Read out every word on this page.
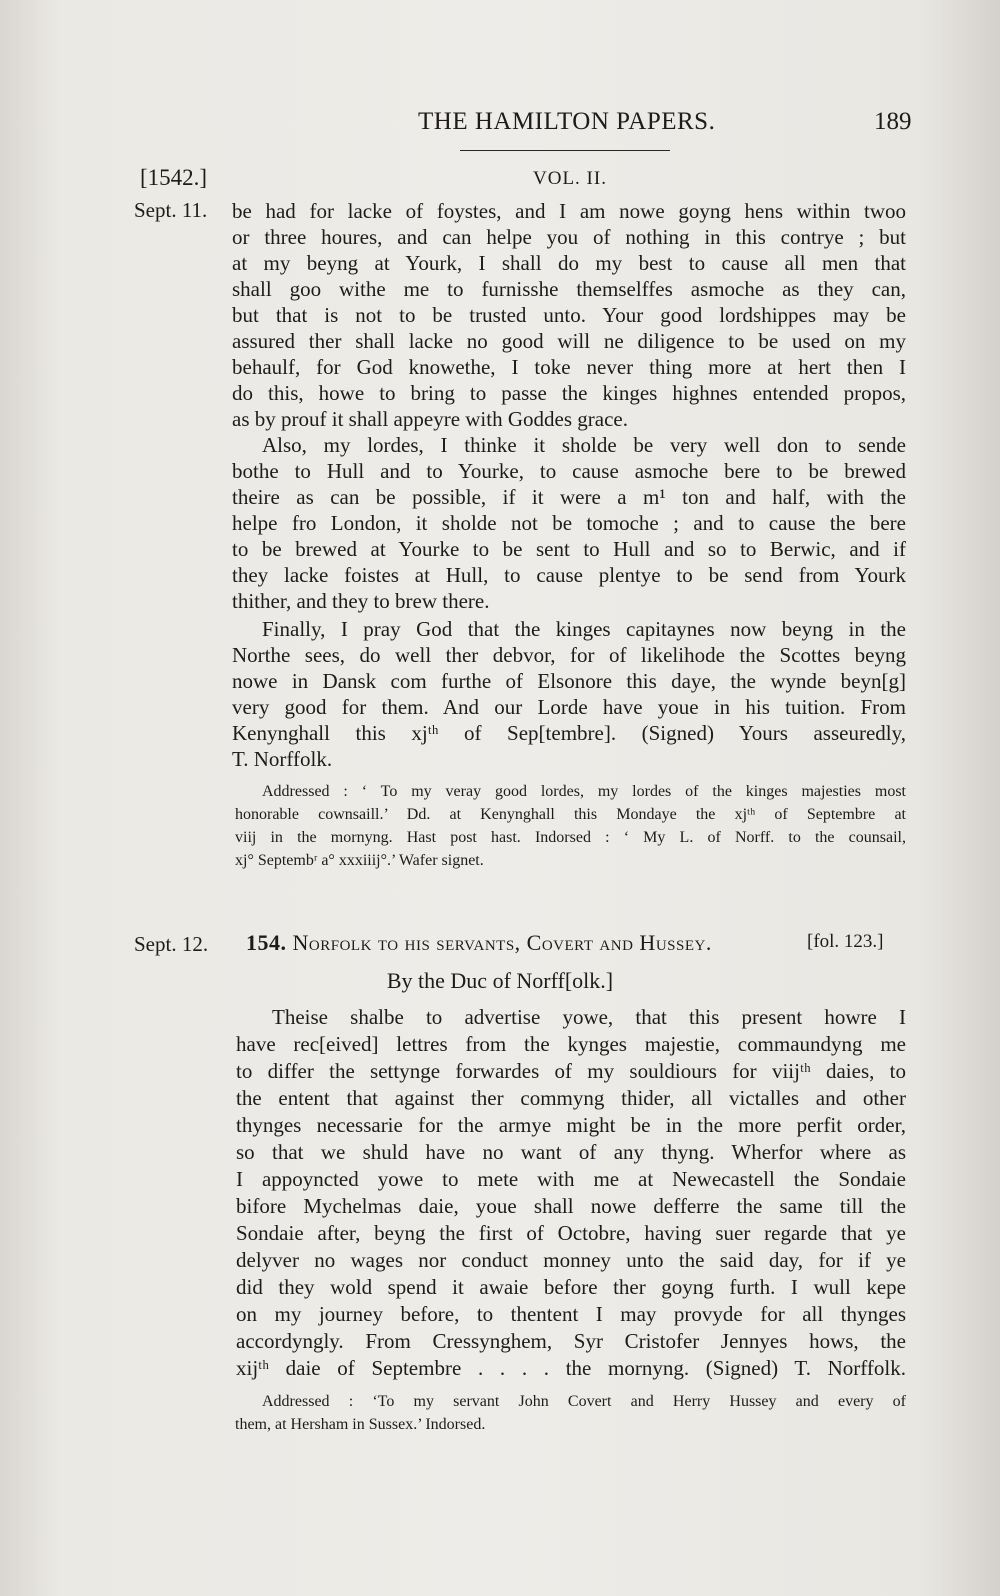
THE HAMILTON PAPERS.	189
[1542.]	VOL. II.
Sept. 11. be had for lacke of foystes, and I am nowe goyng hens within twoo
or three houres, and can helpe you of nothing in this contrye ; but
at my beyng at Yourk, I shall do my best to cause all men that
shall goo withe me to furnisshe themselffes asmoche as they can,
but that is not to be trusted unto. Your good lordshippes may be
assured ther shall lacke no good will ne diligence to be used on my
behaulf, for God knowethe, I toke never thing more at hert then I
do this, howe to bring to passe the kinges highnes entended propos,
as by prouf it shall appeyre with Goddes grace.
Also, my lordes, I thinke it sholde be very well don to sende
bothe to Hull and to Yourke, to cause asmoche bere to be brewed
theire as can be possible, if it were a m¹ ton and half, with the
helpe fro London, it sholde not be tomoche ; and to cause the bere
to be brewed at Yourke to be sent to Hull and so to Berwic, and if
they lacke foistes at Hull, to cause plentye to be send from Yourk
thither, and they to brew there.
Finally, I pray God that the kinges capitaynes now beyng in the
Northe sees, do well ther debvor, for of likelihode the Scottes beyng
nowe in Dansk com furthe of Elsonore this daye, the wynde beyn[g]
very good for them. And our Lorde have youe in his tuition. From
Kenynghall this xjᵗʰ of Sep[tembre]. (Signed) Yours asseuredly,
T. Norffolk.
Addressed : ‘ To my veray good lordes, my lordes of the kinges majesties most
honorable cownsaill.’ Dd. at Kenynghall this Mondaye the xjᵗʰ of Septembre at
viij in the mornyng. Hast post hast. Indorsed : ‘ My L. of Norff. to the counsail,
xj° Septembʳ a° xxxiiij°.’ Wafer signet.
Sept. 12. 154. Norfolk to his servants, Covert and Hussey.	[fol. 123.]
By the Duc of Norff[olk.]
Theise shalbe to advertise yowe, that this present howre I
have rec[eived] lettres from the kynges majestie, commaundyng me
to differ the settynge forwardes of my souldiours for viijᵗʰ daies, to
the entent that against ther commyng thider, all victalles and other
thynges necessarie for the armye might be in the more perfit order,
so that we shuld have no want of any thyng. Wherfor where as
I appoyncted yowe to mete with me at Newecastell the Sondaie
bifore Mychelmas daie, youe shall nowe defferre the same till the
Sondaie after, beyng the first of Octobre, having suer regarde that ye
delyver no wages nor conduct monney unto the said day, for if ye
did they wold spend it awaie before ther goyng furth. I wull kepe
on my journey before, to thentent I may provyde for all thynges
accordyngly. From Cressynghem, Syr Cristofer Jennyes hows, the
xijᵗʰ daie of Septembre . . . . the mornyng. (Signed) T. Norffolk.
Addressed : ‘To my servant John Covert and Herry Hussey and every of
them, at Hersham in Sussex.’ Indorsed.
